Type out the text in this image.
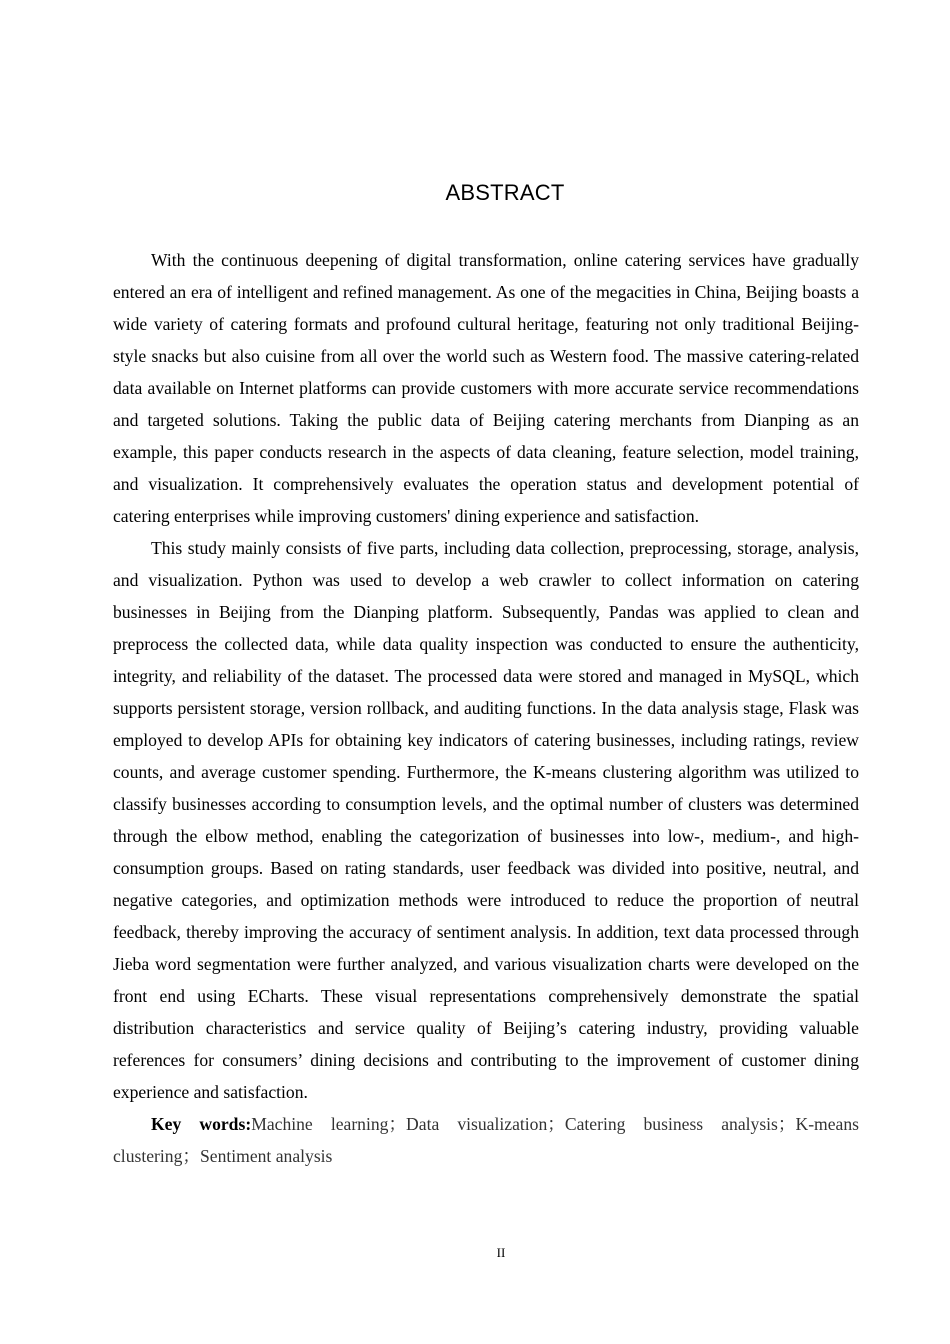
ABSTRACT

With the continuous deepening of digital transformation, online catering services have gradually entered an era of intelligent and refined management. As one of the megacities in China, Beijing boasts a wide variety of catering formats and profound cultural heritage, featuring not only traditional Beijing-style snacks but also cuisine from all over the world such as Western food. The massive catering-related data available on Internet platforms can provide customers with more accurate service recommendations and targeted solutions. Taking the public data of Beijing catering merchants from Dianping as an example, this paper conducts research in the aspects of data cleaning, feature selection, model training, and visualization. It comprehensively evaluates the operation status and development potential of catering enterprises while improving customers' dining experience and satisfaction.

This study mainly consists of five parts, including data collection, preprocessing, storage, analysis, and visualization. Python was used to develop a web crawler to collect information on catering businesses in Beijing from the Dianping platform. Subsequently, Pandas was applied to clean and preprocess the collected data, while data quality inspection was conducted to ensure the authenticity, integrity, and reliability of the dataset. The processed data were stored and managed in MySQL, which supports persistent storage, version rollback, and auditing functions. In the data analysis stage, Flask was employed to develop APIs for obtaining key indicators of catering businesses, including ratings, review counts, and average customer spending. Furthermore, the K-means clustering algorithm was utilized to classify businesses according to consumption levels, and the optimal number of clusters was determined through the elbow method, enabling the categorization of businesses into low-, medium-, and high-consumption groups. Based on rating standards, user feedback was divided into positive, neutral, and negative categories, and optimization methods were introduced to reduce the proportion of neutral feedback, thereby improving the accuracy of sentiment analysis. In addition, text data processed through Jieba word segmentation were further analyzed, and various visualization charts were developed on the front end using ECharts. These visual representations comprehensively demonstrate the spatial distribution characteristics and service quality of Beijing’s catering industry, providing valuable references for consumers’ dining decisions and contributing to the improvement of customer dining experience and satisfaction.

Key words:Machine learning；Data visualization；Catering business analysis；K-means clustering；Sentiment analysis

II
